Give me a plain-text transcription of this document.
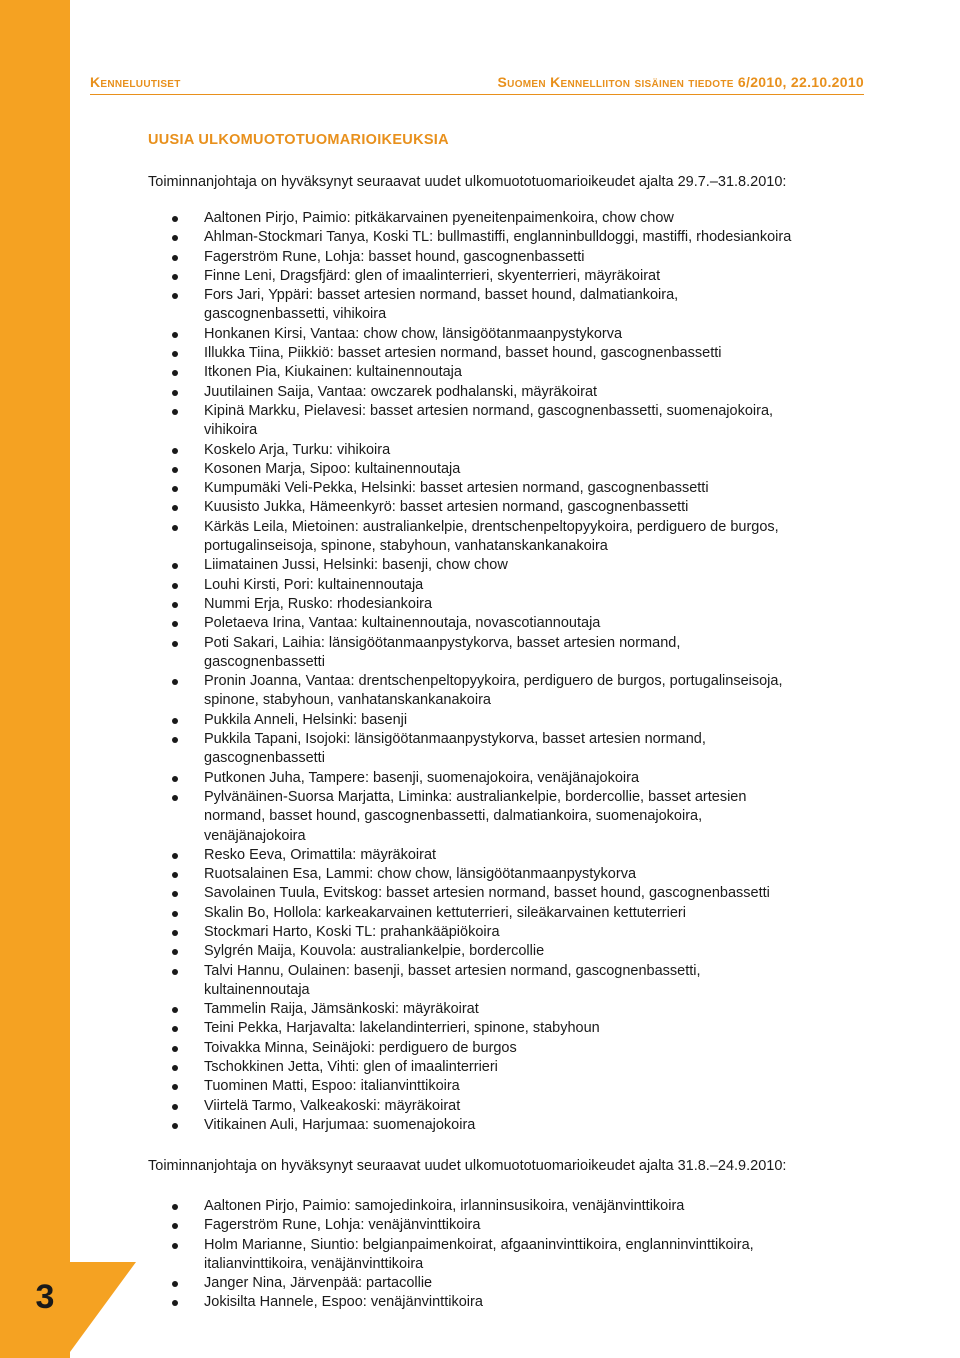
3
Kenneluutiset	Suomen Kennelliiton sisäinen tiedote 6/2010, 22.10.2010
UUSIA ULKOMUOTOTUOMARIOIKEUKSIA
Toiminnanjohtaja on hyväksynyt seuraavat uudet ulkomuototuomarioikeudet ajalta 29.7.–31.8.2010:
Aaltonen Pirjo, Paimio: pitkäkarvainen pyeneitenpaimenkoira, chow chow
Ahlman-Stockmari Tanya, Koski TL: bullmastiffi, englanninbulldoggi, mastiffi, rhodesiankoira
Fagerström Rune, Lohja: basset hound, gascognenbassetti
Finne Leni, Dragsfjärd: glen of imaalinterrieri, skyenterrieri, mäyräkoirat
Fors Jari, Yppäri: basset artesien normand, basset hound, dalmatiankoira,
gascognenbassetti, vihikoira
Honkanen Kirsi, Vantaa: chow chow, länsigöötanmaanpystykorva
Illukka Tiina, Piikkiö: basset artesien normand, basset hound, gascognenbassetti
Itkonen Pia, Kiukainen: kultainennoutaja
Juutilainen Saija, Vantaa: owczarek podhalanski, mäyräkoirat
Kipinä Markku, Pielavesi: basset artesien normand, gascognenbassetti, suomenajokoira,
vihikoira
Koskelo Arja, Turku: vihikoira
Kosonen Marja, Sipoo: kultainennoutaja
Kumpumäki Veli-Pekka, Helsinki: basset artesien normand, gascognenbassetti
Kuusisto Jukka, Hämeenkyrö: basset artesien normand, gascognenbassetti
Kärkäs Leila, Mietoinen: australiankelpie, drentschenpeltopyykoira, perdiguero de burgos,
portugalinseisoja, spinone, stabyhoun, vanhatanskankanakoira
Liimatainen Jussi, Helsinki: basenji, chow chow
Louhi Kirsti, Pori: kultainennoutaja
Nummi Erja, Rusko: rhodesiankoira
Poletaeva Irina, Vantaa: kultainennoutaja, novascotiannoutaja
Poti Sakari, Laihia: länsigöötanmaanpystykorva, basset artesien normand,
gascognenbassetti
Pronin Joanna, Vantaa: drentschenpeltopyykoira, perdiguero de burgos, portugalinseisoja,
spinone, stabyhoun, vanhatanskankanakoira
Pukkila Anneli, Helsinki: basenji
Pukkila Tapani, Isojoki: länsigöötanmaanpystykorva, basset artesien normand,
gascognenbassetti
Putkonen Juha, Tampere: basenji, suomenajokoira, venäjänajokoira
Pylvänäinen-Suorsa Marjatta, Liminka: australiankelpie, bordercollie, basset artesien
normand, basset hound, gascognenbassetti, dalmatiankoira, suomenajokoira,
venäjänajokoira
Resko Eeva, Orimattila: mäyräkoirat
Ruotsalainen Esa, Lammi: chow chow, länsigöötanmaanpystykorva
Savolainen Tuula, Evitskog: basset artesien normand, basset hound, gascognenbassetti
Skalin Bo, Hollola: karkeakarvainen kettuterrieri, sileäkarvainen kettuterrieri
Stockmari Harto, Koski TL: prahankääpiökoira
Sylgrén Maija, Kouvola: australiankelpie, bordercollie
Talvi Hannu, Oulainen: basenji, basset artesien normand, gascognenbassetti,
kultainennoutaja
Tammelin Raija, Jämsänkoski: mäyräkoirat
Teini Pekka, Harjavalta: lakelandinterrieri, spinone, stabyhoun
Toivakka Minna, Seinäjoki: perdiguero de burgos
Tschokkinen Jetta, Vihti: glen of imaalinterrieri
Tuominen Matti, Espoo: italianvinttikoira
Viirtelä Tarmo, Valkeakoski: mäyräkoirat
Vitikainen Auli, Harjumaa: suomenajokoira
Toiminnanjohtaja on hyväksynyt seuraavat uudet ulkomuototuomarioikeudet ajalta 31.8.–24.9.2010:
Aaltonen Pirjo, Paimio: samojedinkoira, irlanninsusikoira, venäjänvinttikoira
Fagerström Rune, Lohja: venäjänvinttikoira
Holm Marianne, Siuntio: belgianpaimenkoirat, afgaaninvinttikoira, englanninvinttikoira,
italianvinttikoira, venäjänvinttikoira
Janger Nina, Järvenpää: partacollie
Jokisilta Hannele, Espoo: venäjänvinttikoira
